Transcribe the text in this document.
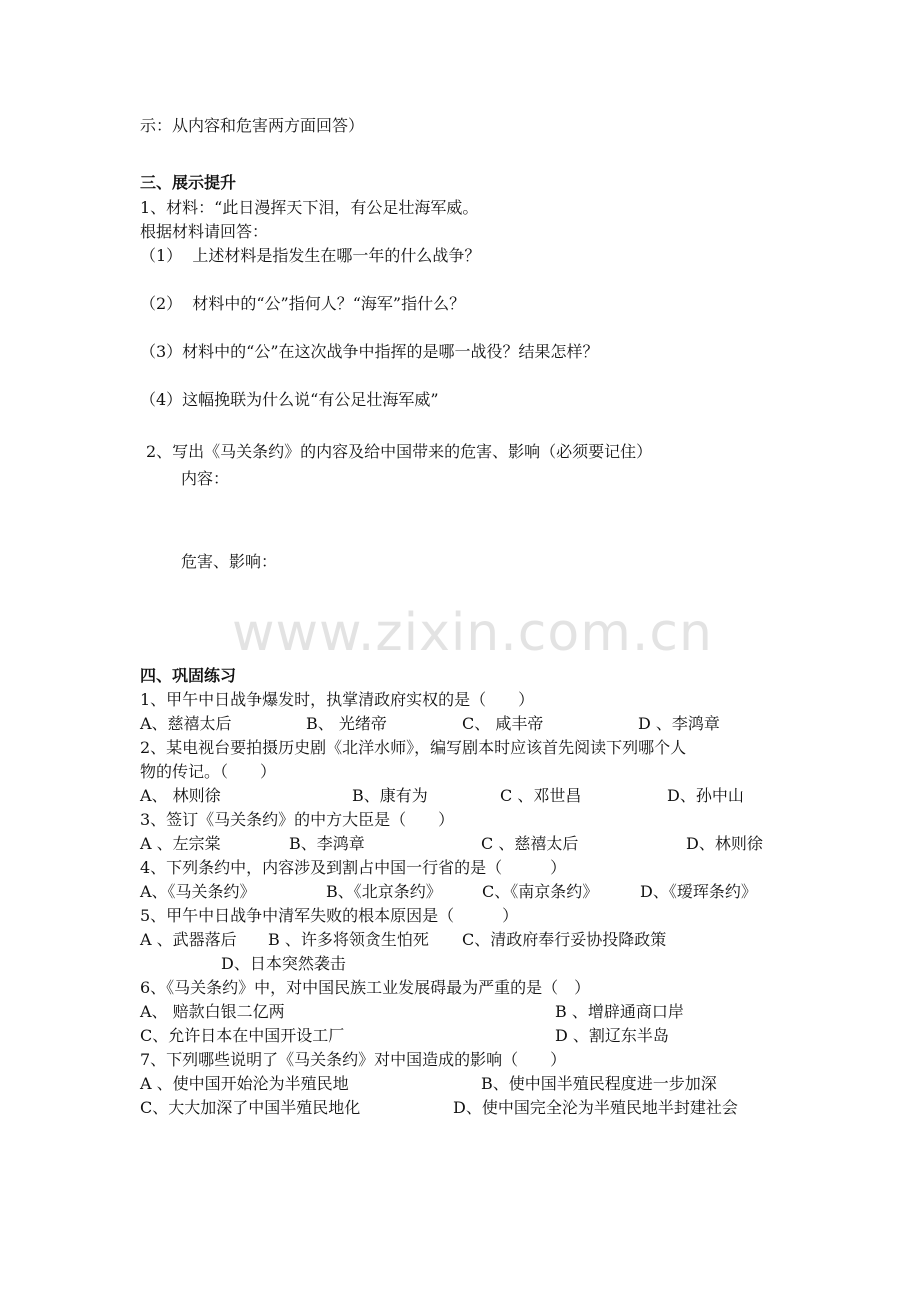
www.zixin.com.cn
示：从内容和危害两方面回答）
三、展示提升
1、材料：“此日漫挥天下泪，有公足壮海军威。
根据材料请回答：
（1）  上述材料是指发生在哪一年的什么战争？
（2）  材料中的“公”指何人？“海军”指什么？
（3）材料中的“公”在这次战争中指挥的是哪一战役？结果怎样？
（4）这幅挽联为什么说“有公足壮海军威”
2、写出《马关条约》的内容及给中国带来的危害、影响（必须要记住）
内容：
危害、影响：
四、巩固练习
1、甲午中日战争爆发时，执掌清政府实权的是（　　）
A、慈禧太后	B、 光绪帝	C、 咸丰帝	D 、李鸿章
2、某电视台要拍摄历史剧《北洋水师》，编写剧本时应该首先阅读下列哪个人
物的传记。（　　）
A、 林则徐	B、康有为	C 、邓世昌	D、孙中山
3、签订《马关条约》的中方大臣是（　　）
A 、左宗棠	B、李鸿章	C 、慈禧太后	D、林则徐
4、下列条约中，内容涉及到割占中国一行省的是（　　　）
A、《马关条约》	B、《北京条约》	C、《南京条约》	D、《瑷珲条约》
5、甲午中日战争中清军失败的根本原因是（　　　）
A 、武器落后 B 、许多将领贪生怕死 C、清政府奉行妥协投降政策
D、日本突然袭击
6、《马关条约》中，对中国民族工业发展碍最为严重的是（　）
A、 赔款白银二亿两	B 、增辟通商口岸
C、允许日本在中国开设工厂	D 、割辽东半岛
7、下列哪些说明了《马关条约》对中国造成的影响（　　）
A 、使中国开始沦为半殖民地	B、使中国半殖民程度进一步加深
C、大大加深了中国半殖民地化	D、使中国完全沦为半殖民地半封建社会
